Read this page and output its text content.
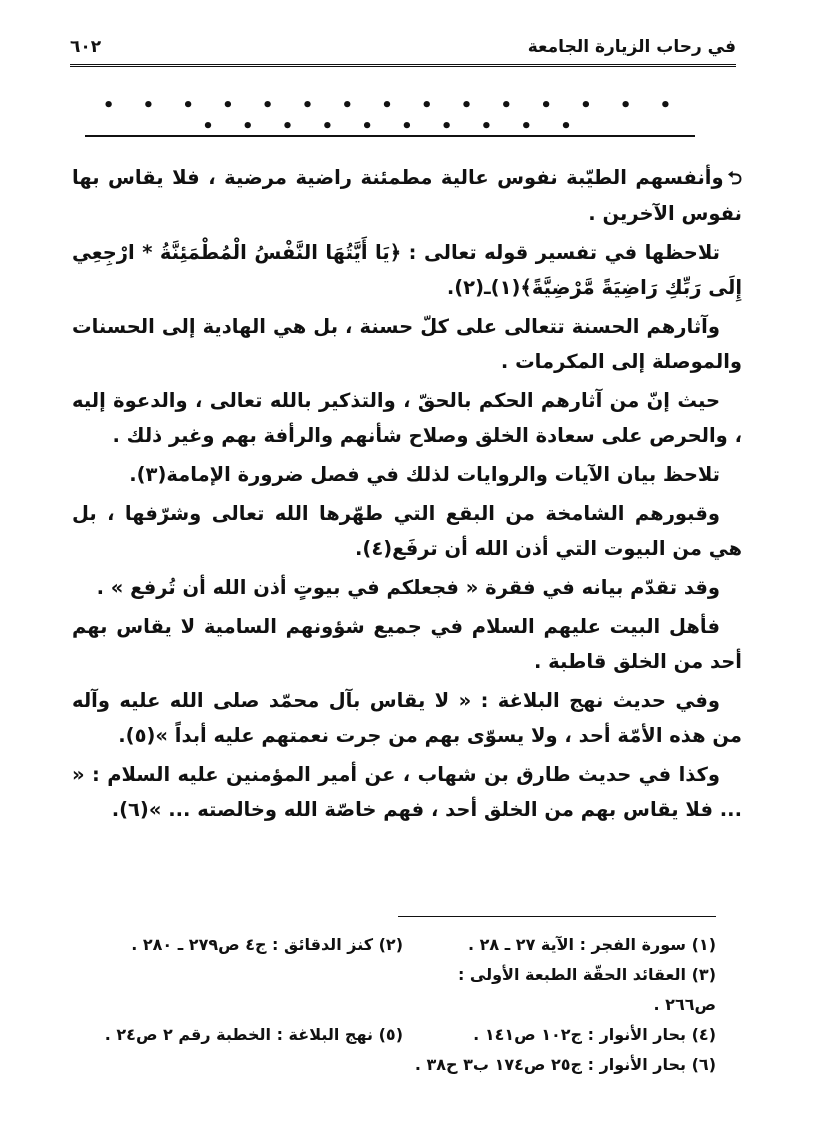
في رحاب الزيارة الجامعة
٦٠٢
• • • • • • • • • • • • • • • • • • • • • • • • •

⮌وأنفسهم الطيّبة نفوس عالية مطمئنة راضية مرضية ، فلا يقاس بها نفوس الآخرين .

تلاحظها في تفسير قوله تعالى : ﴿يَا أَيَّتُهَا النَّفْسُ الْمُطْمَئِنَّةُ * ارْجِعِي إِلَى رَبِّكِ رَاضِيَةً مَّرْضِيَّةً﴾(١)ـ(٢).

وآثارهم الحسنة تتعالى على كلّ حسنة ، بل هي الهادية إلى الحسنات والموصلة إلى المكرمات .

حيث إنّ من آثارهم الحكم بالحقّ ، والتذكير بالله تعالى ، والدعوة إليه ، والحرص على سعادة الخلق وصلاح شأنهم والرأفة بهم وغير ذلك .

تلاحظ بيان الآيات والروايات لذلك في فصل ضرورة الإمامة(٣).

وقبورهم الشامخة من البقع التي طهّرها الله تعالى وشرّفها ، بل هي من البيوت التي أذن الله أن ترفَع(٤).

وقد تقدّم بيانه في فقرة « فجعلكم في بيوتٍ أذن الله أن تُرفع » .

فأهل البيت عليهم السلام في جميع شؤونهم السامية لا يقاس بهم أحد من الخلق قاطبة .

وفي حديث نهج البلاغة : « لا يقاس بآل محمّد صلى الله عليه وآله من هذه الأمّة أحد ، ولا يسوّى بهم من جرت نعمتهم عليه أبداً »(٥).

وكذا في حديث طارق بن شهاب ، عن أمير المؤمنين عليه السلام : « ... فلا يقاس بهم من الخلق أحد ، فهم خاصّة الله وخالصته ... »(٦).

(١) سورة الفجر : الآية ٢٧ ـ ٢٨ .
(٢) كنز الدقائق : ج٤ ص٢٧٩ ـ ٢٨٠ .
(٣) العقائد الحقّة الطبعة الأولى : ص٢٦٦ .
(٤) بحار الأنوار : ج١٠٢ ص١٤١ .
(٥) نهج البلاغة : الخطبة رقم ٢ ص٢٤ .
(٦) بحار الأنوار : ج٢٥ ص١٧٤ ب٣ ح٣٨ .
